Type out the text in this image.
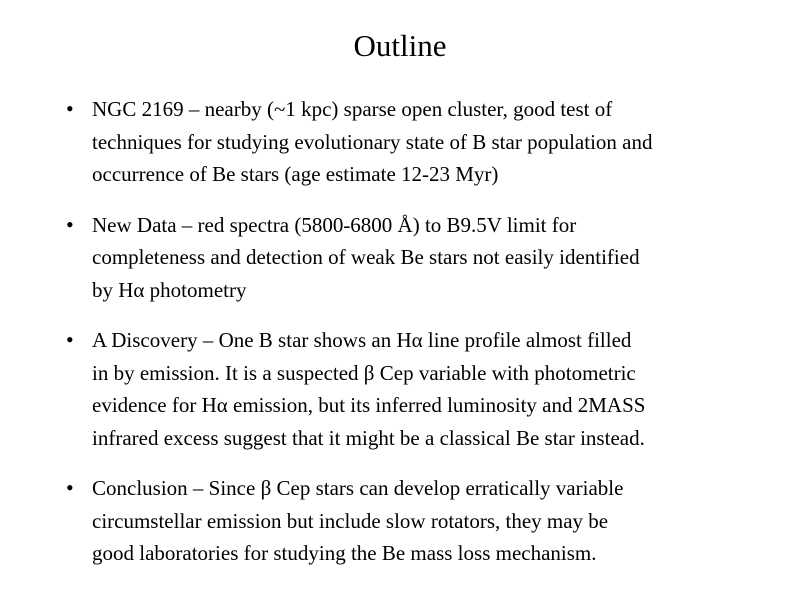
Outline
• NGC 2169 – nearby (~1 kpc) sparse open cluster, good test of
techniques for studying evolutionary state of B star population and
occurrence of Be stars (age estimate 12-23 Myr)
• New Data – red spectra (5800-6800 Å) to B9.5V limit for
completeness and detection of weak Be stars not easily identified
by Hα photometry
• A Discovery – One B star shows an Hα line profile almost filled
in by emission. It is a suspected β Cep variable with photometric
evidence for Hα emission, but its inferred luminosity and 2MASS
infrared excess suggest that it might be a classical Be star instead.
• Conclusion – Since β Cep stars can develop erratically variable
circumstellar emission but include slow rotators, they may be
good laboratories for studying the Be mass loss mechanism.
